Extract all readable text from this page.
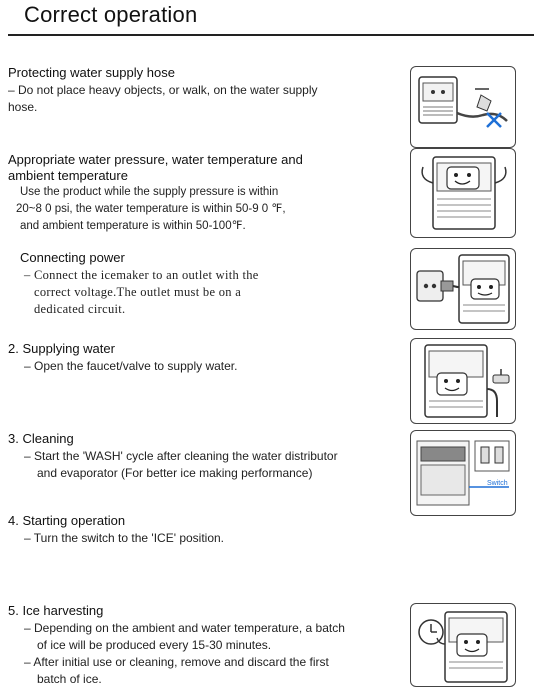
Correct operation
Protecting water supply hose
– Do not place heavy objects, or walk, on the water supply
hose.
Appropriate water pressure, water temperature and
ambient temperature
Use the product while the supply pressure is within
20~8 0 psi, the water temperature is within 50-9 0 ℉,
and ambient temperature is within 50-100℉.
Connecting power
– Connect the icemaker to an outlet with the
correct voltage.The outlet must be on a
dedicated circuit.
2. Supplying water
– Open the faucet/valve to supply water.
3. Cleaning
– Start the 'WASH' cycle after cleaning the water distributor
and evaporator (For better ice making performance)
4. Starting operation
– Turn the switch to the 'ICE' position.
5. Ice harvesting
– Depending on the ambient and water temperature, a batch
of ice will be produced every 15-30 minutes.
– After initial use or cleaning, remove and discard the first
batch of ice.
Switch
